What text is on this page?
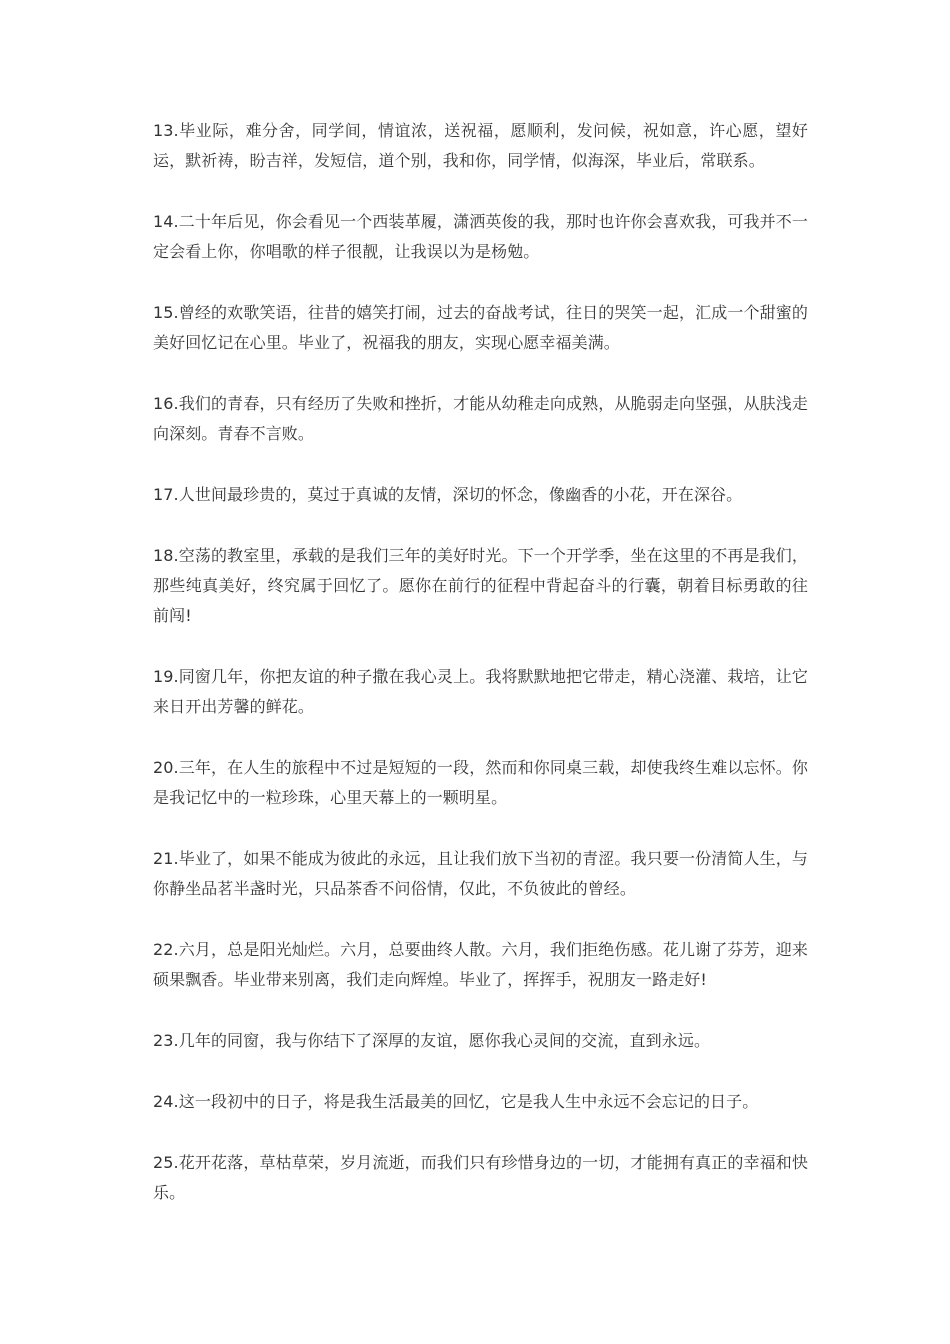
13.毕业际，难分舍，同学间，情谊浓，送祝福，愿顺利，发问候，祝如意，许心愿，望好运，默祈祷，盼吉祥，发短信，道个别，我和你，同学情，似海深，毕业后，常联系。

14.二十年后见，你会看见一个西装革履，潇洒英俊的我，那时也许你会喜欢我，可我并不一定会看上你，你唱歌的样子很靓，让我误以为是杨勉。

15.曾经的欢歌笑语，往昔的嬉笑打闹，过去的奋战考试，往日的哭笑一起，汇成一个甜蜜的美好回忆记在心里。毕业了，祝福我的朋友，实现心愿幸福美满。

16.我们的青春，只有经历了失败和挫折，才能从幼稚走向成熟，从脆弱走向坚强，从肤浅走向深刻。青春不言败。

17.人世间最珍贵的，莫过于真诚的友情，深切的怀念，像幽香的小花，开在深谷。

18.空荡的教室里，承载的是我们三年的美好时光。下一个开学季，坐在这里的不再是我们，那些纯真美好，终究属于回忆了。愿你在前行的征程中背起奋斗的行囊，朝着目标勇敢的往前闯!

19.同窗几年，你把友谊的种子撒在我心灵上。我将默默地把它带走，精心浇灌、栽培，让它来日开出芳馨的鲜花。

20.三年，在人生的旅程中不过是短短的一段，然而和你同桌三载，却使我终生难以忘怀。你是我记忆中的一粒珍珠，心里天幕上的一颗明星。

21.毕业了，如果不能成为彼此的永远，且让我们放下当初的青涩。我只要一份清简人生，与你静坐品茗半盏时光，只品茶香不问俗情，仅此，不负彼此的曾经。

22.六月，总是阳光灿烂。六月，总要曲终人散。六月，我们拒绝伤感。花儿谢了芬芳，迎来硕果飘香。毕业带来别离，我们走向辉煌。毕业了，挥挥手，祝朋友一路走好!

23.几年的同窗，我与你结下了深厚的友谊，愿你我心灵间的交流，直到永远。

24.这一段初中的日子，将是我生活最美的回忆，它是我人生中永远不会忘记的日子。

25.花开花落，草枯草荣，岁月流逝，而我们只有珍惜身边的一切，才能拥有真正的幸福和快乐。
